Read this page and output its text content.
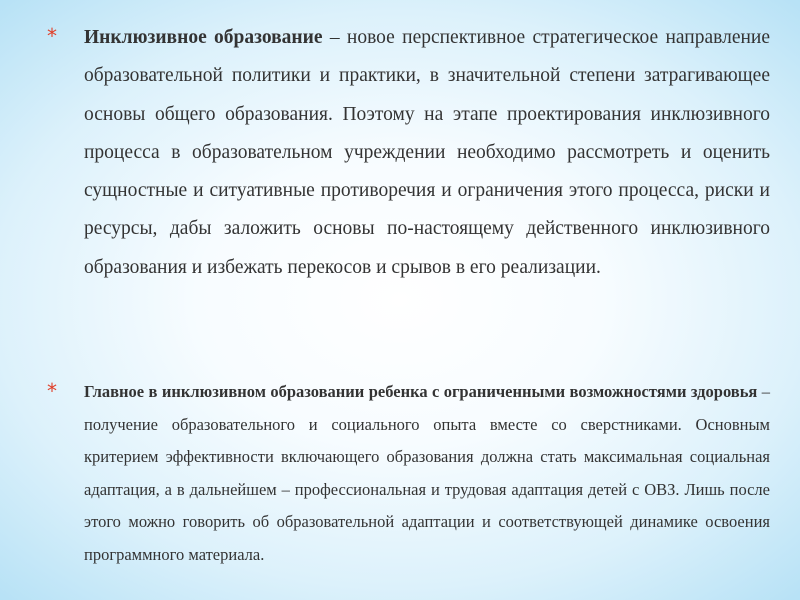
* Инклюзивное образование – новое перспективное стратегическое направление образовательной политики и практики, в значительной степени затрагивающее основы общего образования. Поэтому на этапе проектирования инклюзивного процесса в образовательном учреждении необходимо рассмотреть и оценить сущностные и ситуативные противоречия и ограничения этого процесса, риски и ресурсы, дабы заложить основы по-настоящему действенного инклюзивного образования и избежать перекосов и срывов в его реализации.

* Главное в инклюзивном образовании ребенка с ограниченными возможностями здоровья – получение образовательного и социального опыта вместе со сверстниками. Основным критерием эффективности включающего образования должна стать максимальная социальная адаптация, а в дальнейшем – профессиональная и трудовая адаптация детей с ОВЗ. Лишь после этого можно говорить об образовательной адаптации и соответствующей динамике освоения программного материала.
